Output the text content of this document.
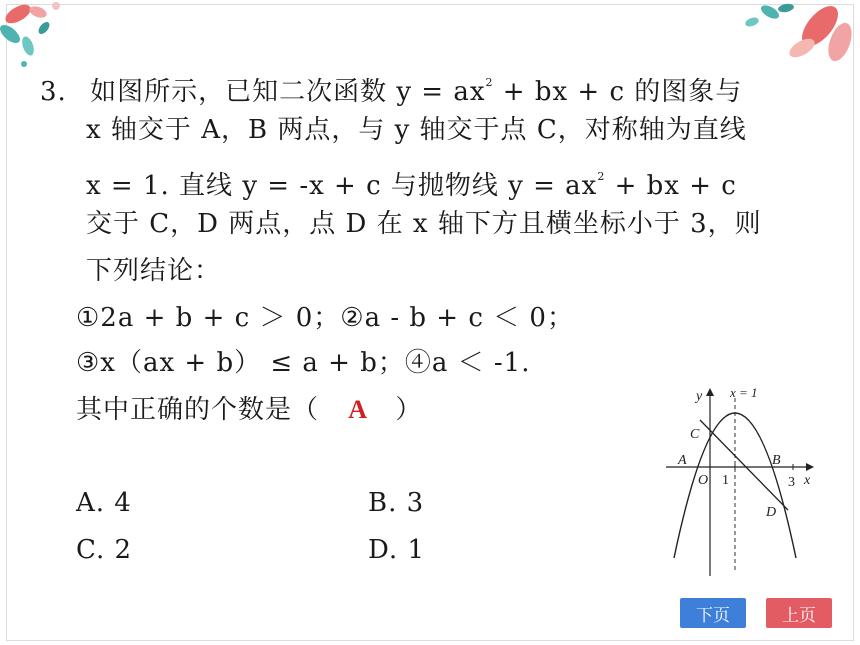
3. 如图所示，已知二次函数 $y = ax^2$ + bx + c 的图象与
x 轴交于 A，B 两点，与 y 轴交于点 C，对称轴为直线
x = 1. 直线 y = -x + c 与抛物线 $y = ax^2$ + bx + c
交于 C，D 两点，点 D 在 x 轴下方且横坐标小于 3，则
下列结论：
①2a + b + c ＞ 0；②a - b + c ＜ 0；
③x（ax + b） ≤ a + b；④a ＜ -1.
其中正确的个数是（ A ）
A. 4	B. 3
C. 2	D. 1
y x = 1
C
A	B
O 1	3 x
D
下页	上页
